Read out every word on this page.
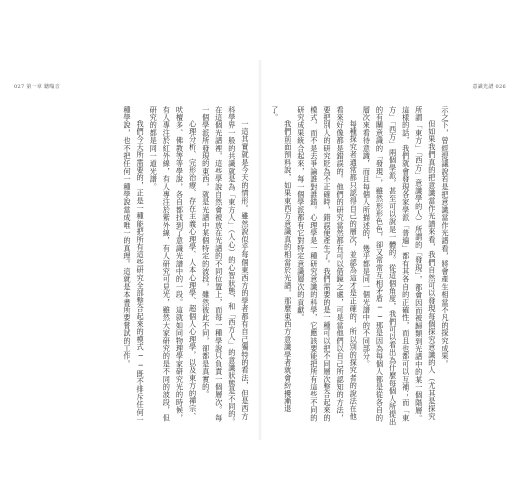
027 第一章 聽嗡音	意識光譜 026

一這其實就是今天的情形。雖然說似乎每個東西方的學者都有自己獨特的看法，但是西方科學界一般的共識就是為「東方人」（人心）的心智狀態，和「西方人」的意識狀態是不同的。在這個光譜裡，這些學說自然會被放在光譜的不同位置上，而每一種學說只負責一個層次。每一個學派所發現的東西，就是光譜中某個特定的波段，雖然彼此不同，卻都是真實的。

心理分析、完形治療、存在主義心理學、人本心理學、超個人心理學，以及東方的禪宗、吠檀多、佛教等等學說，各自都找到了意識光譜中的一段。這就如同物理學家研究光的時候，有人專注於紅外線，有人專注於紫外線，有人研究可見光，雖然大家研究的是不同的波段，但研究的都是同一道光譜。

我們今天所需要的，正是一種能把所有這些研究全部整合起來的模式──既不排斥任何一種學說，也不把任何一種學說當成唯一的真理。這就是本書所要嘗試的工作。	示之下，曾經提議說若是把意識當作光譜看，將會產生相當不凡的探究成果。

但如果我們真的把意識當作光譜來看，我們自然可以發現每個探究意識的人（尤其是探究所謂「東方」「西方」意識學的人）所謂的「發現」，都會因而被歸類到光譜中的某一個階層。這樣的話，我們就會發現各家學派「普遍」都有其各自的正確性，而且也都可以互補；而「東方」「西方」兩個學派，甚至可以說是一體的。從這個角度，我們可以看出為什麼每個人所提出的有關意識的「發現」，雖然形形色色，卻又常常互相矛盾──那是因為每個人都是從各自的層次來看待意識，而且每個人所描述的，幾乎都是同一個光譜中的不同部分。

每種探究者通常都只認得自己的層次，並認為這才是正確的，所以別的探究者的說法在他看來好像都是錯誤的。他們的研究當然都有可以借鏡之處，可是當他們以自己所認知的方法，要把別人的研究貶為不正確時，錯誤便產生了。我們需要的是一種可以把不同層次整合起來的模式，而不是去爭論誰對誰錯。心理學是一種研究意識的科學，它應該要能把所有這些不同的研究成果統合起來，每一個學派都有它對特定意識層次的貢獻。

我們前面預料說，如果東西方意識真的相當於光譜，那麼東西方意識學者就會紛擾漸退了。
